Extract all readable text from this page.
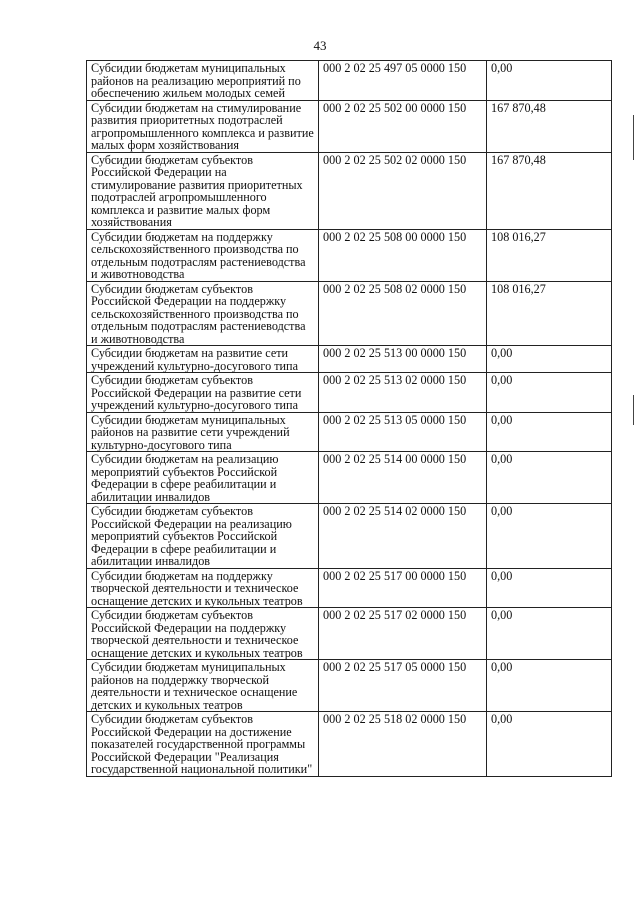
43
Субсидии бюджетам муниципальных районов на реализацию мероприятий по обеспечению жильем молодых семей	000 2 02 25 497 05 0000 150	0,00
Субсидии бюджетам на стимулирование развития приоритетных подотраслей агропромышленного комплекса и развитие малых форм хозяйствования	000 2 02 25 502 00 0000 150	167 870,48
Субсидии бюджетам субъектов Российской Федерации на стимулирование развития приоритетных подотраслей агропромышленного комплекса и развитие малых форм хозяйствования	000 2 02 25 502 02 0000 150	167 870,48
Субсидии бюджетам на поддержку сельскохозяйственного производства по отдельным подотраслям растениеводства и животноводства	000 2 02 25 508 00 0000 150	108 016,27
Субсидии бюджетам субъектов Российской Федерации на поддержку сельскохозяйственного производства по отдельным подотраслям растениеводства и животноводства	000 2 02 25 508 02 0000 150	108 016,27
Субсидии бюджетам на развитие сети учреждений культурно-досугового типа	000 2 02 25 513 00 0000 150	0,00
Субсидии бюджетам субъектов Российской Федерации на развитие сети учреждений культурно-досугового типа	000 2 02 25 513 02 0000 150	0,00
Субсидии бюджетам муниципальных районов на развитие сети учреждений культурно-досугового типа	000 2 02 25 513 05 0000 150	0,00
Субсидии бюджетам на реализацию мероприятий субъектов Российской Федерации в сфере реабилитации и абилитации инвалидов	000 2 02 25 514 00 0000 150	0,00
Субсидии бюджетам субъектов Российской Федерации на реализацию мероприятий субъектов Российской Федерации в сфере реабилитации и абилитации инвалидов	000 2 02 25 514 02 0000 150	0,00
Субсидии бюджетам на поддержку творческой деятельности и техническое оснащение детских и кукольных театров	000 2 02 25 517 00 0000 150	0,00
Субсидии бюджетам субъектов Российской Федерации на поддержку творческой деятельности и техническое оснащение детских и кукольных театров	000 2 02 25 517 02 0000 150	0,00
Субсидии бюджетам муниципальных районов на поддержку творческой деятельности и техническое оснащение детских и кукольных театров	000 2 02 25 517 05 0000 150	0,00
Субсидии бюджетам субъектов Российской Федерации на достижение показателей государственной программы Российской Федерации "Реализация государственной национальной политики"	000 2 02 25 518 02 0000 150	0,00
